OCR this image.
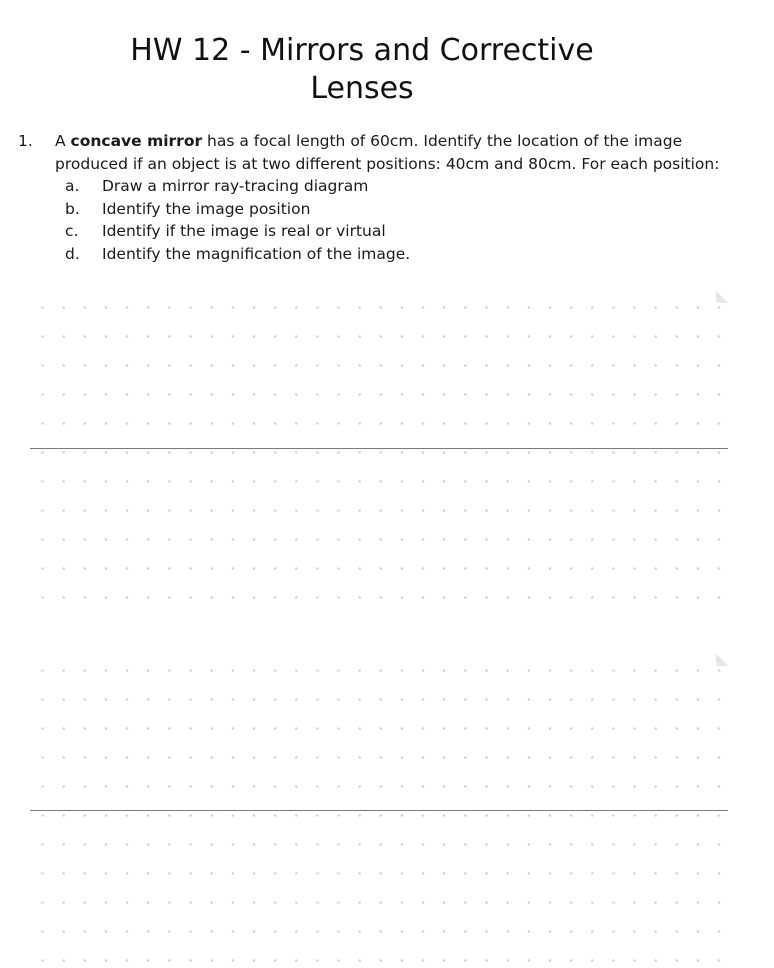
HW 12 - Mirrors and Corrective Lenses
1. A concave mirror has a focal length of 60cm. Identify the location of the image produced if an object is at two different positions: 40cm and 80cm. For each position:
a. Draw a mirror ray-tracing diagram
b. Identify the image position
c. Identify if the image is real or virtual
d. Identify the magnification of the image.
